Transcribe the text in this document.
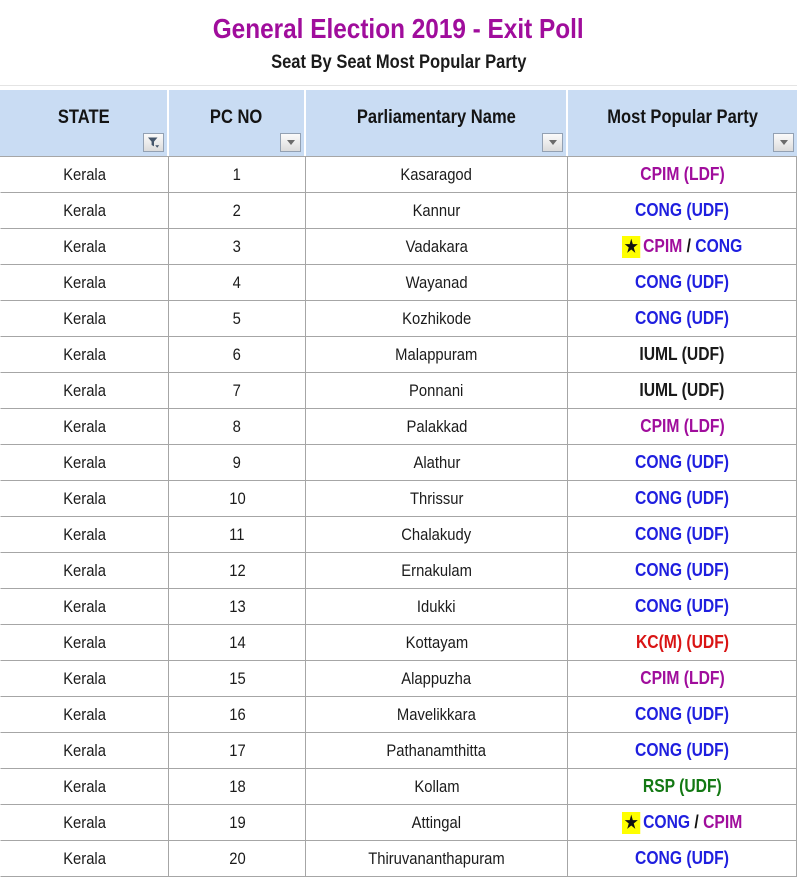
General Election 2019 - Exit Poll
Seat By Seat Most Popular Party
STATE	PC NO	Parliamentary Name	Most Popular Party
Kerala	1	Kasaragod	CPIM (LDF)
Kerala	2	Kannur	CONG (UDF)
Kerala	3	Vadakara	★ CPIM / CONG
Kerala	4	Wayanad	CONG (UDF)
Kerala	5	Kozhikode	CONG (UDF)
Kerala	6	Malappuram	IUML (UDF)
Kerala	7	Ponnani	IUML (UDF)
Kerala	8	Palakkad	CPIM (LDF)
Kerala	9	Alathur	CONG (UDF)
Kerala	10	Thrissur	CONG (UDF)
Kerala	11	Chalakudy	CONG (UDF)
Kerala	12	Ernakulam	CONG (UDF)
Kerala	13	Idukki	CONG (UDF)
Kerala	14	Kottayam	KC(M) (UDF)
Kerala	15	Alappuzha	CPIM (LDF)
Kerala	16	Mavelikkara	CONG (UDF)
Kerala	17	Pathanamthitta	CONG (UDF)
Kerala	18	Kollam	RSP (UDF)
Kerala	19	Attingal	★ CONG / CPIM
Kerala	20	Thiruvananthapuram	CONG (UDF)
